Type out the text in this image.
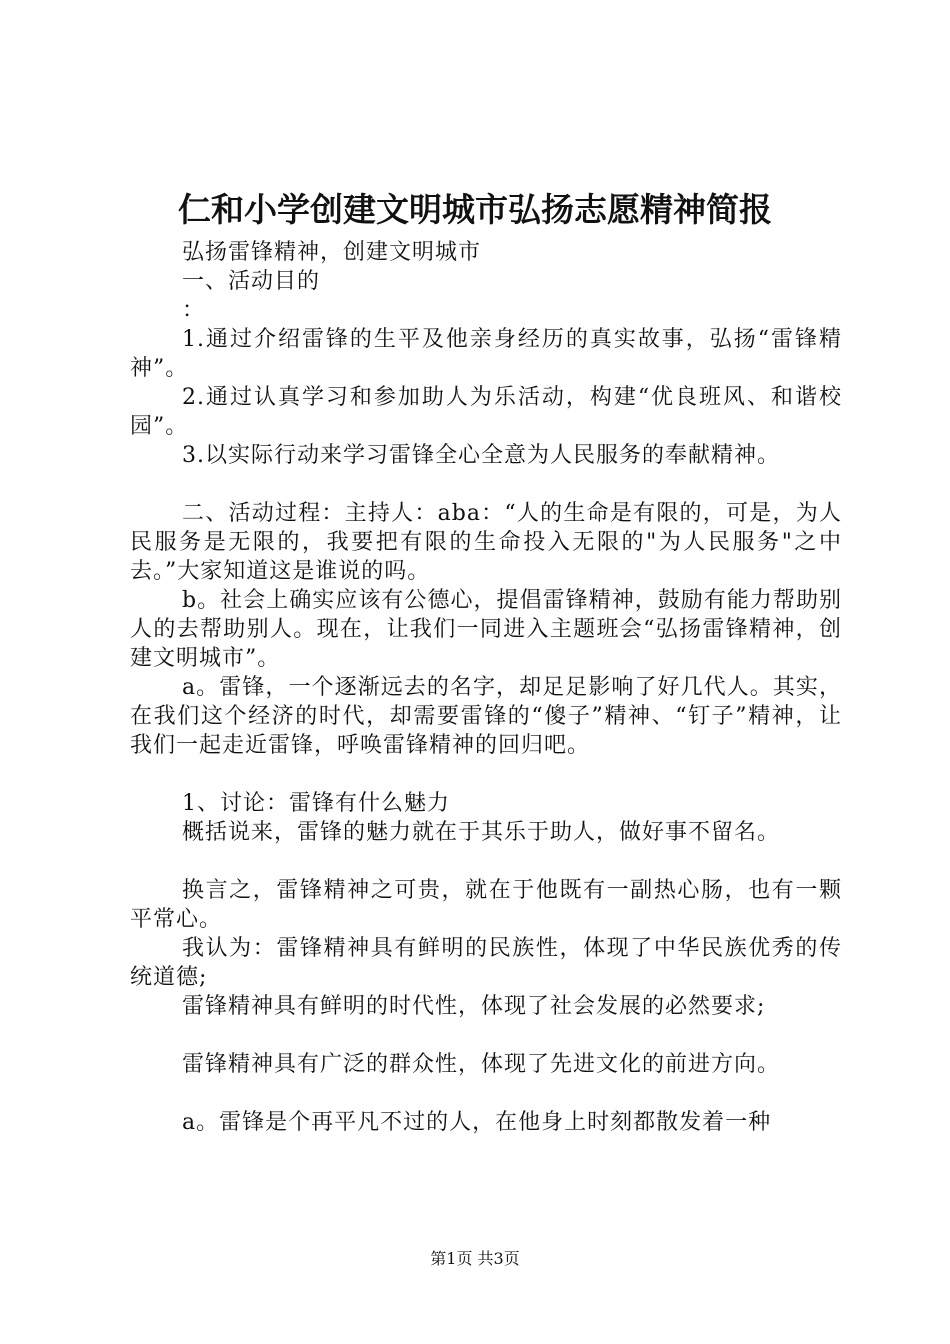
仁和小学创建文明城市弘扬志愿精神简报

弘扬雷锋精神，创建文明城市

一、活动目的

：

1.通过介绍雷锋的生平及他亲身经历的真实故事，弘扬“雷锋精神”。

2.通过认真学习和参加助人为乐活动，构建“优良班风、和谐校园”。

3.以实际行动来学习雷锋全心全意为人民服务的奉献精神。

二、活动过程：主持人：aba：“人的生命是有限的，可是，为人民服务是无限的，我要把有限的生命投入无限的"为人民服务"之中去。”大家知道这是谁说的吗。

b。社会上确实应该有公德心，提倡雷锋精神，鼓励有能力帮助别人的去帮助别人。现在，让我们一同进入主题班会“弘扬雷锋精神，创建文明城市”。

a。雷锋，一个逐渐远去的名字，却足足影响了好几代人。其实，在我们这个经济的时代，却需要雷锋的“傻子”精神、“钉子”精神，让我们一起走近雷锋，呼唤雷锋精神的回归吧。

1、讨论：雷锋有什么魅力

概括说来，雷锋的魅力就在于其乐于助人，做好事不留名。

换言之，雷锋精神之可贵，就在于他既有一副热心肠，也有一颗平常心。

我认为：雷锋精神具有鲜明的民族性，体现了中华民族优秀的传统道德;

雷锋精神具有鲜明的时代性，体现了社会发展的必然要求;

雷锋精神具有广泛的群众性，体现了先进文化的前进方向。

a。雷锋是个再平凡不过的人，在他身上时刻都散发着一种

第1页 共3页
